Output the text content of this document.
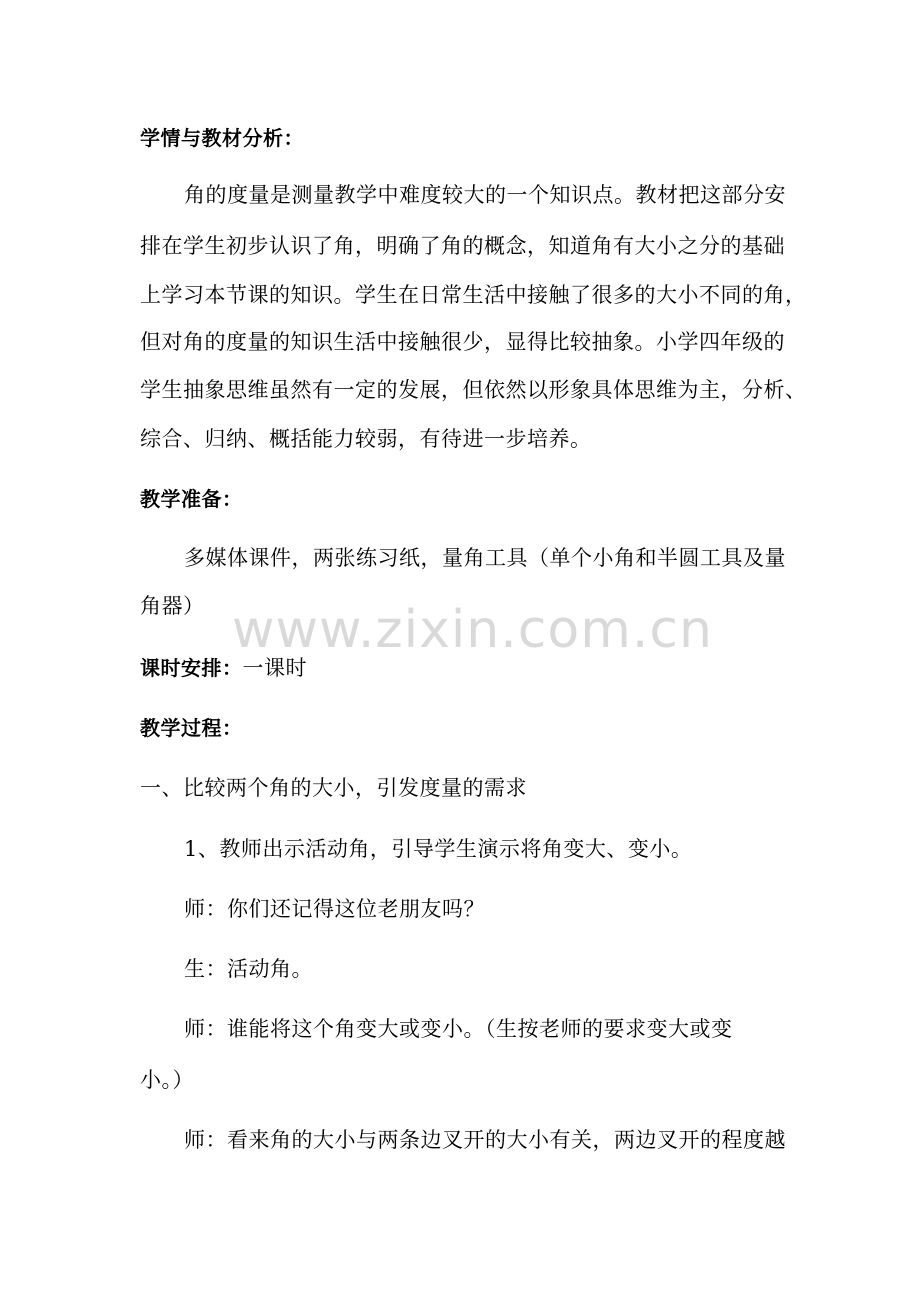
www.zixin.com.cn
学情与教材分析：
角的度量是测量教学中难度较大的一个知识点。教材把这部分安
排在学生初步认识了角，明确了角的概念，知道角有大小之分的基础
上学习本节课的知识。学生在日常生活中接触了很多的大小不同的角，
但对角的度量的知识生活中接触很少，显得比较抽象。小学四年级的
学生抽象思维虽然有一定的发展，但依然以形象具体思维为主，分析、
综合、归纳、概括能力较弱，有待进一步培养。
教学准备：
多媒体课件，两张练习纸，量角工具（单个小角和半圆工具及量
角器）
课时安排：一课时
教学过程：
一、比较两个角的大小，引发度量的需求
1、教师出示活动角，引导学生演示将角变大、变小。
师：你们还记得这位老朋友吗？
生：活动角。
师：谁能将这个角变大或变小。（生按老师的要求变大或变
小。）
师：看来角的大小与两条边叉开的大小有关，两边叉开的程度越
